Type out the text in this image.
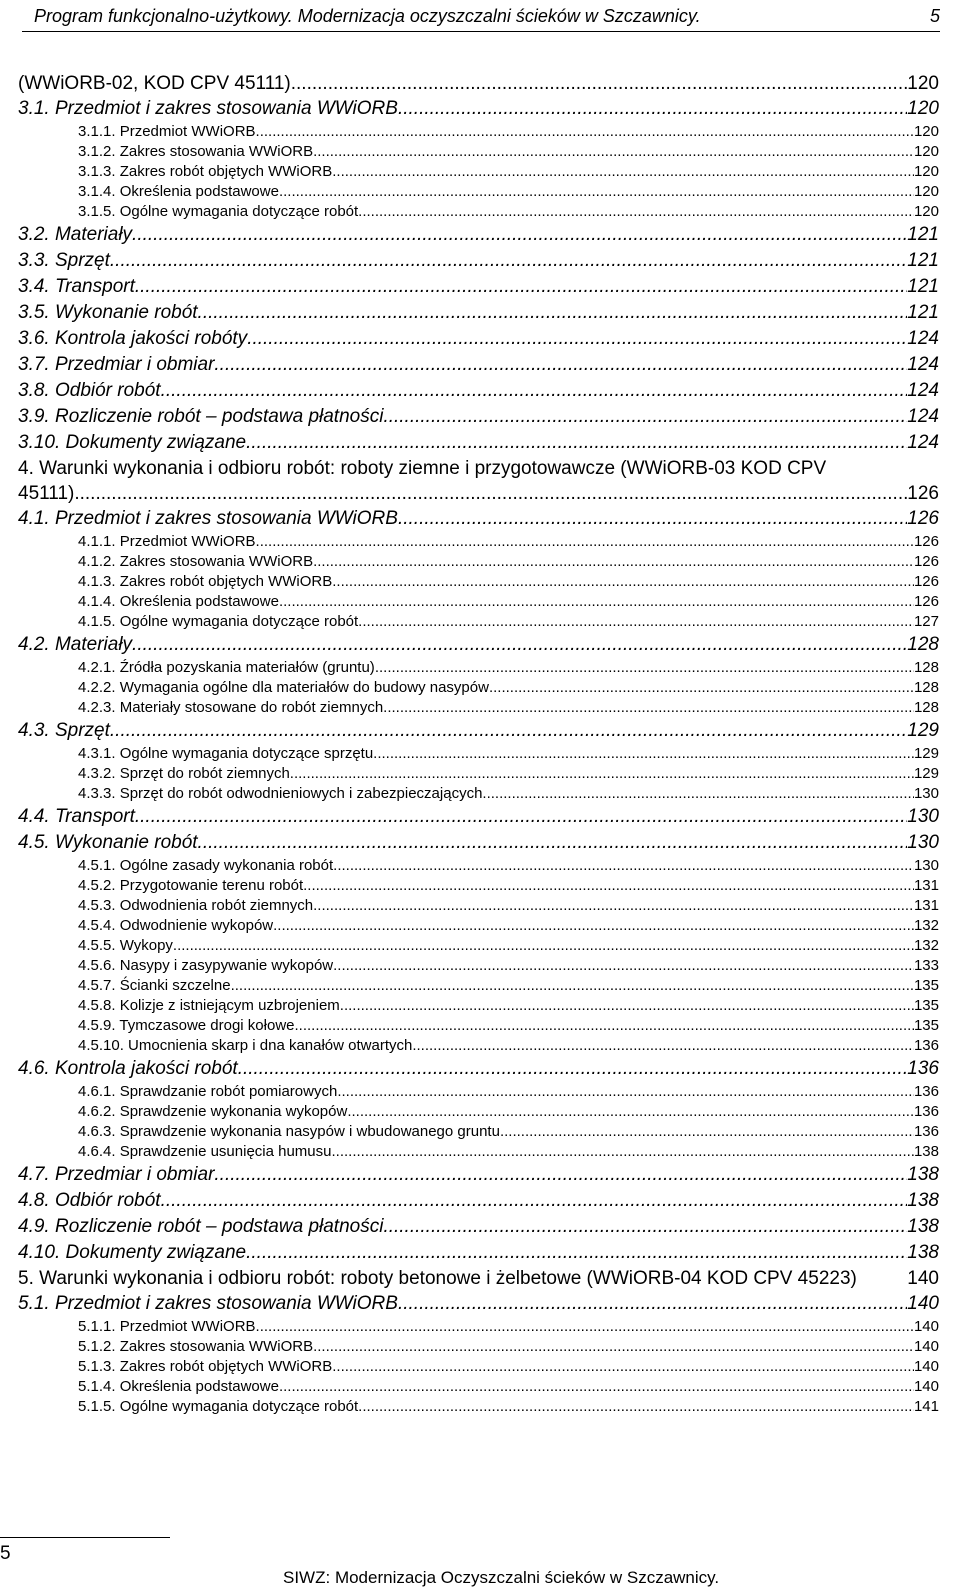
Program funkcjonalno-użytkowy. Modernizacja oczyszczalni ścieków w Szczawnicy.	5
(WWiORB-02, KOD CPV 45111) .....	120
3.1. Przedmiot i zakres stosowania WWiORB .....	120
3.1.1. Przedmiot WWiORB .....	120
3.1.2. Zakres stosowania WWiORB .....	120
3.1.3. Zakres robót objętych WWiORB .....	120
3.1.4. Określenia podstawowe .....	120
3.1.5. Ogólne wymagania dotyczące robót .....	120
3.2. Materiały .....	121
3.3. Sprzęt .....	121
3.4. Transport .....	121
3.5. Wykonanie robót .....	121
3.6. Kontrola jakości robóty .....	124
3.7. Przedmiar i obmiar .....	124
3.8. Odbiór robót .....	124
3.9. Rozliczenie robót – podstawa płatności .....	124
3.10. Dokumenty związane .....	124
4. Warunki wykonania i odbioru robót: roboty ziemne i przygotowawcze (WWiORB-03 KOD CPV
45111) .....	126
4.1. Przedmiot i zakres stosowania WWiORB .....	126
4.1.1. Przedmiot WWiORB .....	126
4.1.2. Zakres stosowania WWiORB .....	126
4.1.3. Zakres robót objętych WWiORB .....	126
4.1.4. Określenia podstawowe .....	126
4.1.5. Ogólne wymagania dotyczące robót .....	127
4.2. Materiały .....	128
4.2.1. Źródła pozyskania materiałów (gruntu) .....	128
4.2.2. Wymagania ogólne dla materiałów do budowy nasypów .....	128
4.2.3. Materiały stosowane do robót ziemnych .....	128
4.3. Sprzęt .....	129
4.3.1. Ogólne wymagania dotyczące sprzętu .....	129
4.3.2. Sprzęt do robót ziemnych .....	129
4.3.3. Sprzęt do robót odwodnieniowych i zabezpieczających .....	130
4.4. Transport .....	130
4.5. Wykonanie robót .....	130
4.5.1. Ogólne zasady wykonania robót .....	130
4.5.2. Przygotowanie terenu robót .....	131
4.5.3. Odwodnienia robót ziemnych .....	131
4.5.4. Odwodnienie wykopów .....	132
4.5.5. Wykopy .....	132
4.5.6. Nasypy i zasypywanie wykopów .....	133
4.5.7. Ścianki szczelne .....	135
4.5.8. Kolizje z istniejącym uzbrojeniem .....	135
4.5.9. Tymczasowe drogi kołowe .....	135
4.5.10. Umocnienia skarp i dna kanałów otwartych .....	136
4.6. Kontrola jakości robót .....	136
4.6.1. Sprawdzanie robót pomiarowych .....	136
4.6.2. Sprawdzenie wykonania wykopów .....	136
4.6.3. Sprawdzenie wykonania nasypów i wbudowanego gruntu .....	136
4.6.4. Sprawdzenie usunięcia humusu .....	138
4.7. Przedmiar i obmiar .....	138
4.8. Odbiór robót .....	138
4.9. Rozliczenie robót – podstawa płatności .....	138
4.10. Dokumenty związane .....	138
5. Warunki wykonania i odbioru robót: roboty betonowe i żelbetowe (WWiORB-04 KOD CPV 45223)	140
5.1. Przedmiot i zakres stosowania WWiORB .....	140
5.1.1. Przedmiot WWiORB .....	140
5.1.2. Zakres stosowania WWiORB .....	140
5.1.3. Zakres robót objętych WWiORB .....	140
5.1.4. Określenia podstawowe .....	140
5.1.5. Ogólne wymagania dotyczące robót .....	141
5
SIWZ: Modernizacja Oczyszczalni ścieków w Szczawnicy.
